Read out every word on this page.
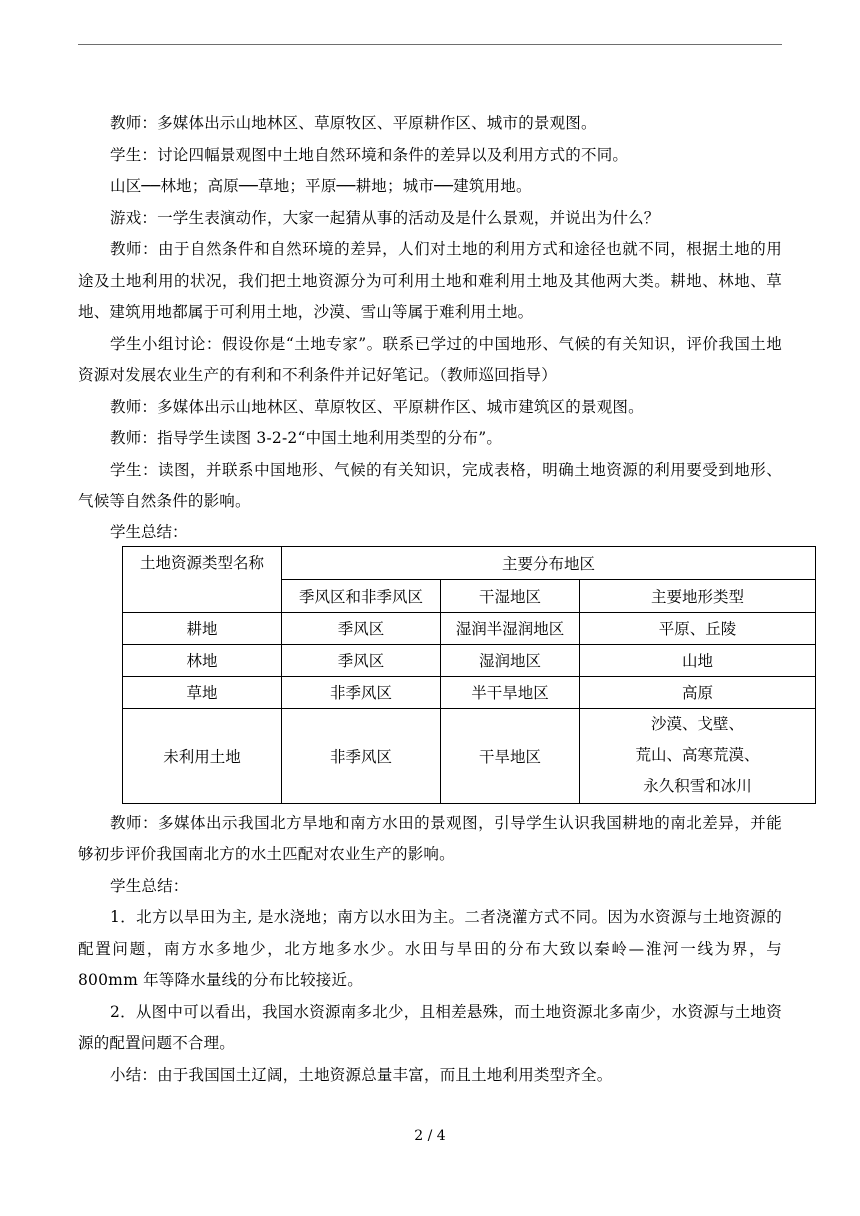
教师：多媒体出示山地林区、草原牧区、平原耕作区、城市的景观图。

学生：讨论四幅景观图中土地自然环境和条件的差异以及利用方式的不同。

山区──林地；高原──草地；平原──耕地；城市──建筑用地。

游戏：一学生表演动作，大家一起猜从事的活动及是什么景观，并说出为什么？

教师：由于自然条件和自然环境的差异，人们对土地的利用方式和途径也就不同，根据土地的用途及土地利用的状况，我们把土地资源分为可利用土地和难利用土地及其他两大类。耕地、林地、草地、建筑用地都属于可利用土地，沙漠、雪山等属于难利用土地。

学生小组讨论：假设你是“土地专家”。联系已学过的中国地形、气候的有关知识，评价我国土地资源对发展农业生产的有利和不利条件并记好笔记。（教师巡回指导）

教师：多媒体出示山地林区、草原牧区、平原耕作区、城市建筑区的景观图。

教师：指导学生读图 3-2-2“中国土地利用类型的分布”。

学生：读图，并联系中国地形、气候的有关知识，完成表格，明确土地资源的利用要受到地形、气候等自然条件的影响。

学生总结：

土地资源类型名称	主要分布地区		
	季风区和非季风区	干湿地区	主要地形类型
耕地	季风区	湿润半湿润地区	平原、丘陵
林地	季风区	湿润地区	山地
草地	非季风区	半干旱地区	高原
未利用土地	非季风区	干旱地区	沙漠、戈壁、
荒山、高寒荒漠、
永久积雪和冰川

教师：多媒体出示我国北方旱地和南方水田的景观图，引导学生认识我国耕地的南北差异，并能够初步评价我国南北方的水土匹配对农业生产的影响。

学生总结：

1．北方以旱田为主, 是水浇地；南方以水田为主。二者浇灌方式不同。因为水资源与土地资源的配置问题，南方水多地少，北方地多水少。水田与旱田的分布大致以秦岭—淮河一线为界，与 800mm 年等降水量线的分布比较接近。

2．从图中可以看出，我国水资源南多北少，且相差悬殊，而土地资源北多南少，水资源与土地资源的配置问题不合理。

小结：由于我国国土辽阔，土地资源总量丰富，而且土地利用类型齐全。

2 / 4
